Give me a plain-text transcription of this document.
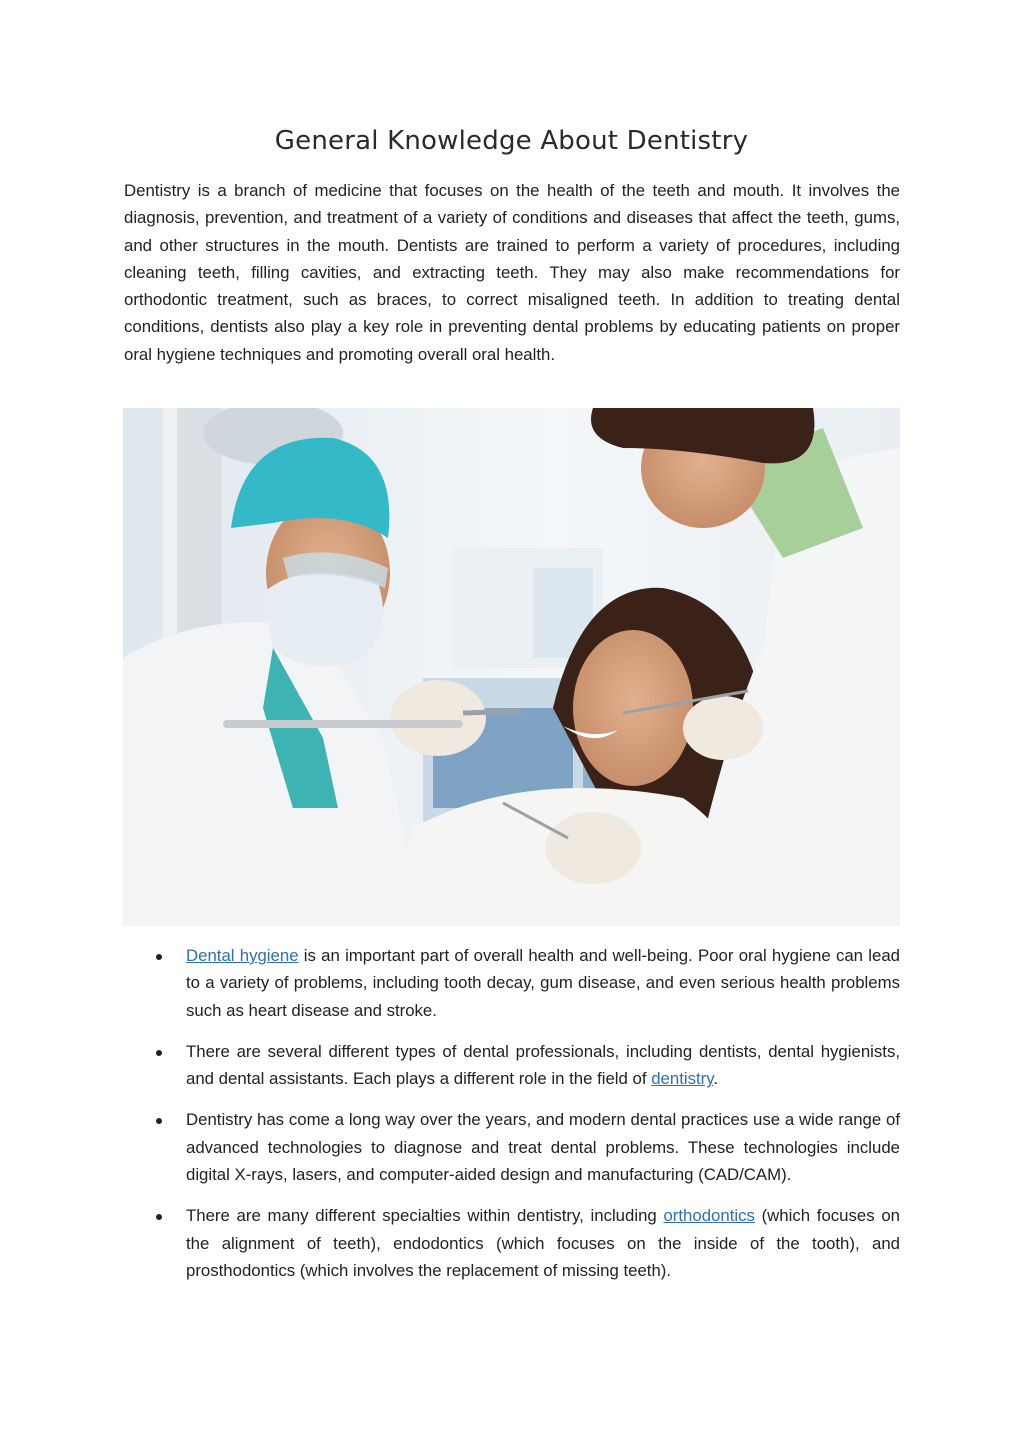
General Knowledge About Dentistry

Dentistry is a branch of medicine that focuses on the health of the teeth and mouth. It involves the diagnosis, prevention, and treatment of a variety of conditions and diseases that affect the teeth, gums, and other structures in the mouth. Dentists are trained to perform a variety of procedures, including cleaning teeth, filling cavities, and extracting teeth. They may also make recommendations for orthodontic treatment, such as braces, to correct misaligned teeth. In addition to treating dental conditions, dentists also play a key role in preventing dental problems by educating patients on proper oral hygiene techniques and promoting overall oral health.

Dental hygiene is an important part of overall health and well-being. Poor oral hygiene can lead to a variety of problems, including tooth decay, gum disease, and even serious health problems such as heart disease and stroke.
There are several different types of dental professionals, including dentists, dental hygienists, and dental assistants. Each plays a different role in the field of dentistry.
Dentistry has come a long way over the years, and modern dental practices use a wide range of advanced technologies to diagnose and treat dental problems. These technologies include digital X-rays, lasers, and computer-aided design and manufacturing (CAD/CAM).
There are many different specialties within dentistry, including orthodontics (which focuses on the alignment of teeth), endodontics (which focuses on the inside of the tooth), and prosthodontics (which involves the replacement of missing teeth).
